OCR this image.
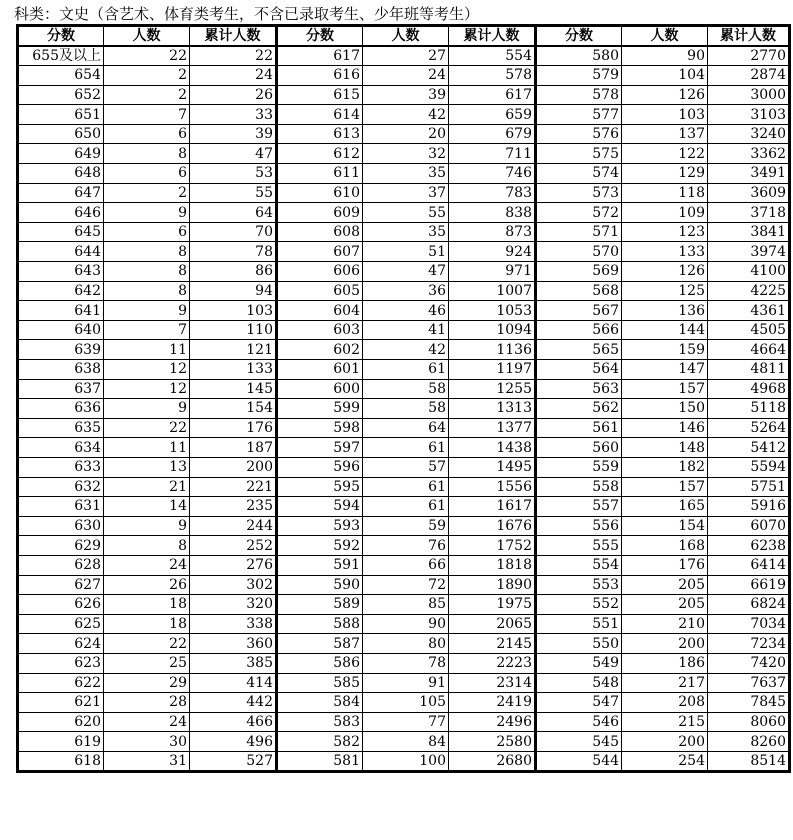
科类：文史（含艺术、体育类考生，不含已录取考生、少年班等考生）
分数	人数	累计人数	分数	人数	累计人数	分数	人数	累计人数
655及以上	22	22	617	27	554	580	90	2770
654	2	24	616	24	578	579	104	2874
652	2	26	615	39	617	578	126	3000
651	7	33	614	42	659	577	103	3103
650	6	39	613	20	679	576	137	3240
649	8	47	612	32	711	575	122	3362
648	6	53	611	35	746	574	129	3491
647	2	55	610	37	783	573	118	3609
646	9	64	609	55	838	572	109	3718
645	6	70	608	35	873	571	123	3841
644	8	78	607	51	924	570	133	3974
643	8	86	606	47	971	569	126	4100
642	8	94	605	36	1007	568	125	4225
641	9	103	604	46	1053	567	136	4361
640	7	110	603	41	1094	566	144	4505
639	11	121	602	42	1136	565	159	4664
638	12	133	601	61	1197	564	147	4811
637	12	145	600	58	1255	563	157	4968
636	9	154	599	58	1313	562	150	5118
635	22	176	598	64	1377	561	146	5264
634	11	187	597	61	1438	560	148	5412
633	13	200	596	57	1495	559	182	5594
632	21	221	595	61	1556	558	157	5751
631	14	235	594	61	1617	557	165	5916
630	9	244	593	59	1676	556	154	6070
629	8	252	592	76	1752	555	168	6238
628	24	276	591	66	1818	554	176	6414
627	26	302	590	72	1890	553	205	6619
626	18	320	589	85	1975	552	205	6824
625	18	338	588	90	2065	551	210	7034
624	22	360	587	80	2145	550	200	7234
623	25	385	586	78	2223	549	186	7420
622	29	414	585	91	2314	548	217	7637
621	28	442	584	105	2419	547	208	7845
620	24	466	583	77	2496	546	215	8060
619	30	496	582	84	2580	545	200	8260
618	31	527	581	100	2680	544	254	8514
